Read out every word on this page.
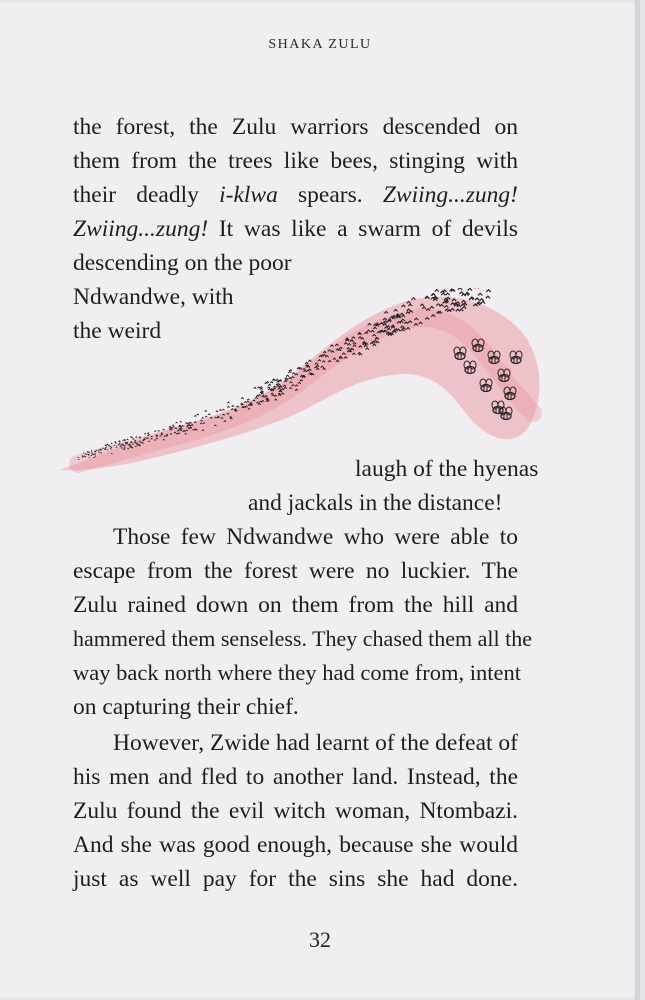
SHAKA ZULU
the forest, the Zulu warriors descended on
them from the trees like bees, stinging with
their deadly i-klwa spears. Zwiing...zung!
Zwiing...zung! It was like a swarm of devils
descending on the poor
Ndwandwe, with
the weird
laugh of the hyenas
and jackals in the distance!
Those few Ndwandwe who were able to
escape from the forest were no luckier. The
Zulu rained down on them from the hill and
hammered them senseless. They chased them all the
way back north where they had come from, intent
on capturing their chief.
However, Zwide had learnt of the defeat of
his men and fled to another land. Instead, the
Zulu found the evil witch woman, Ntombazi.
And she was good enough, because she would
just as well pay for the sins she had done.
32
